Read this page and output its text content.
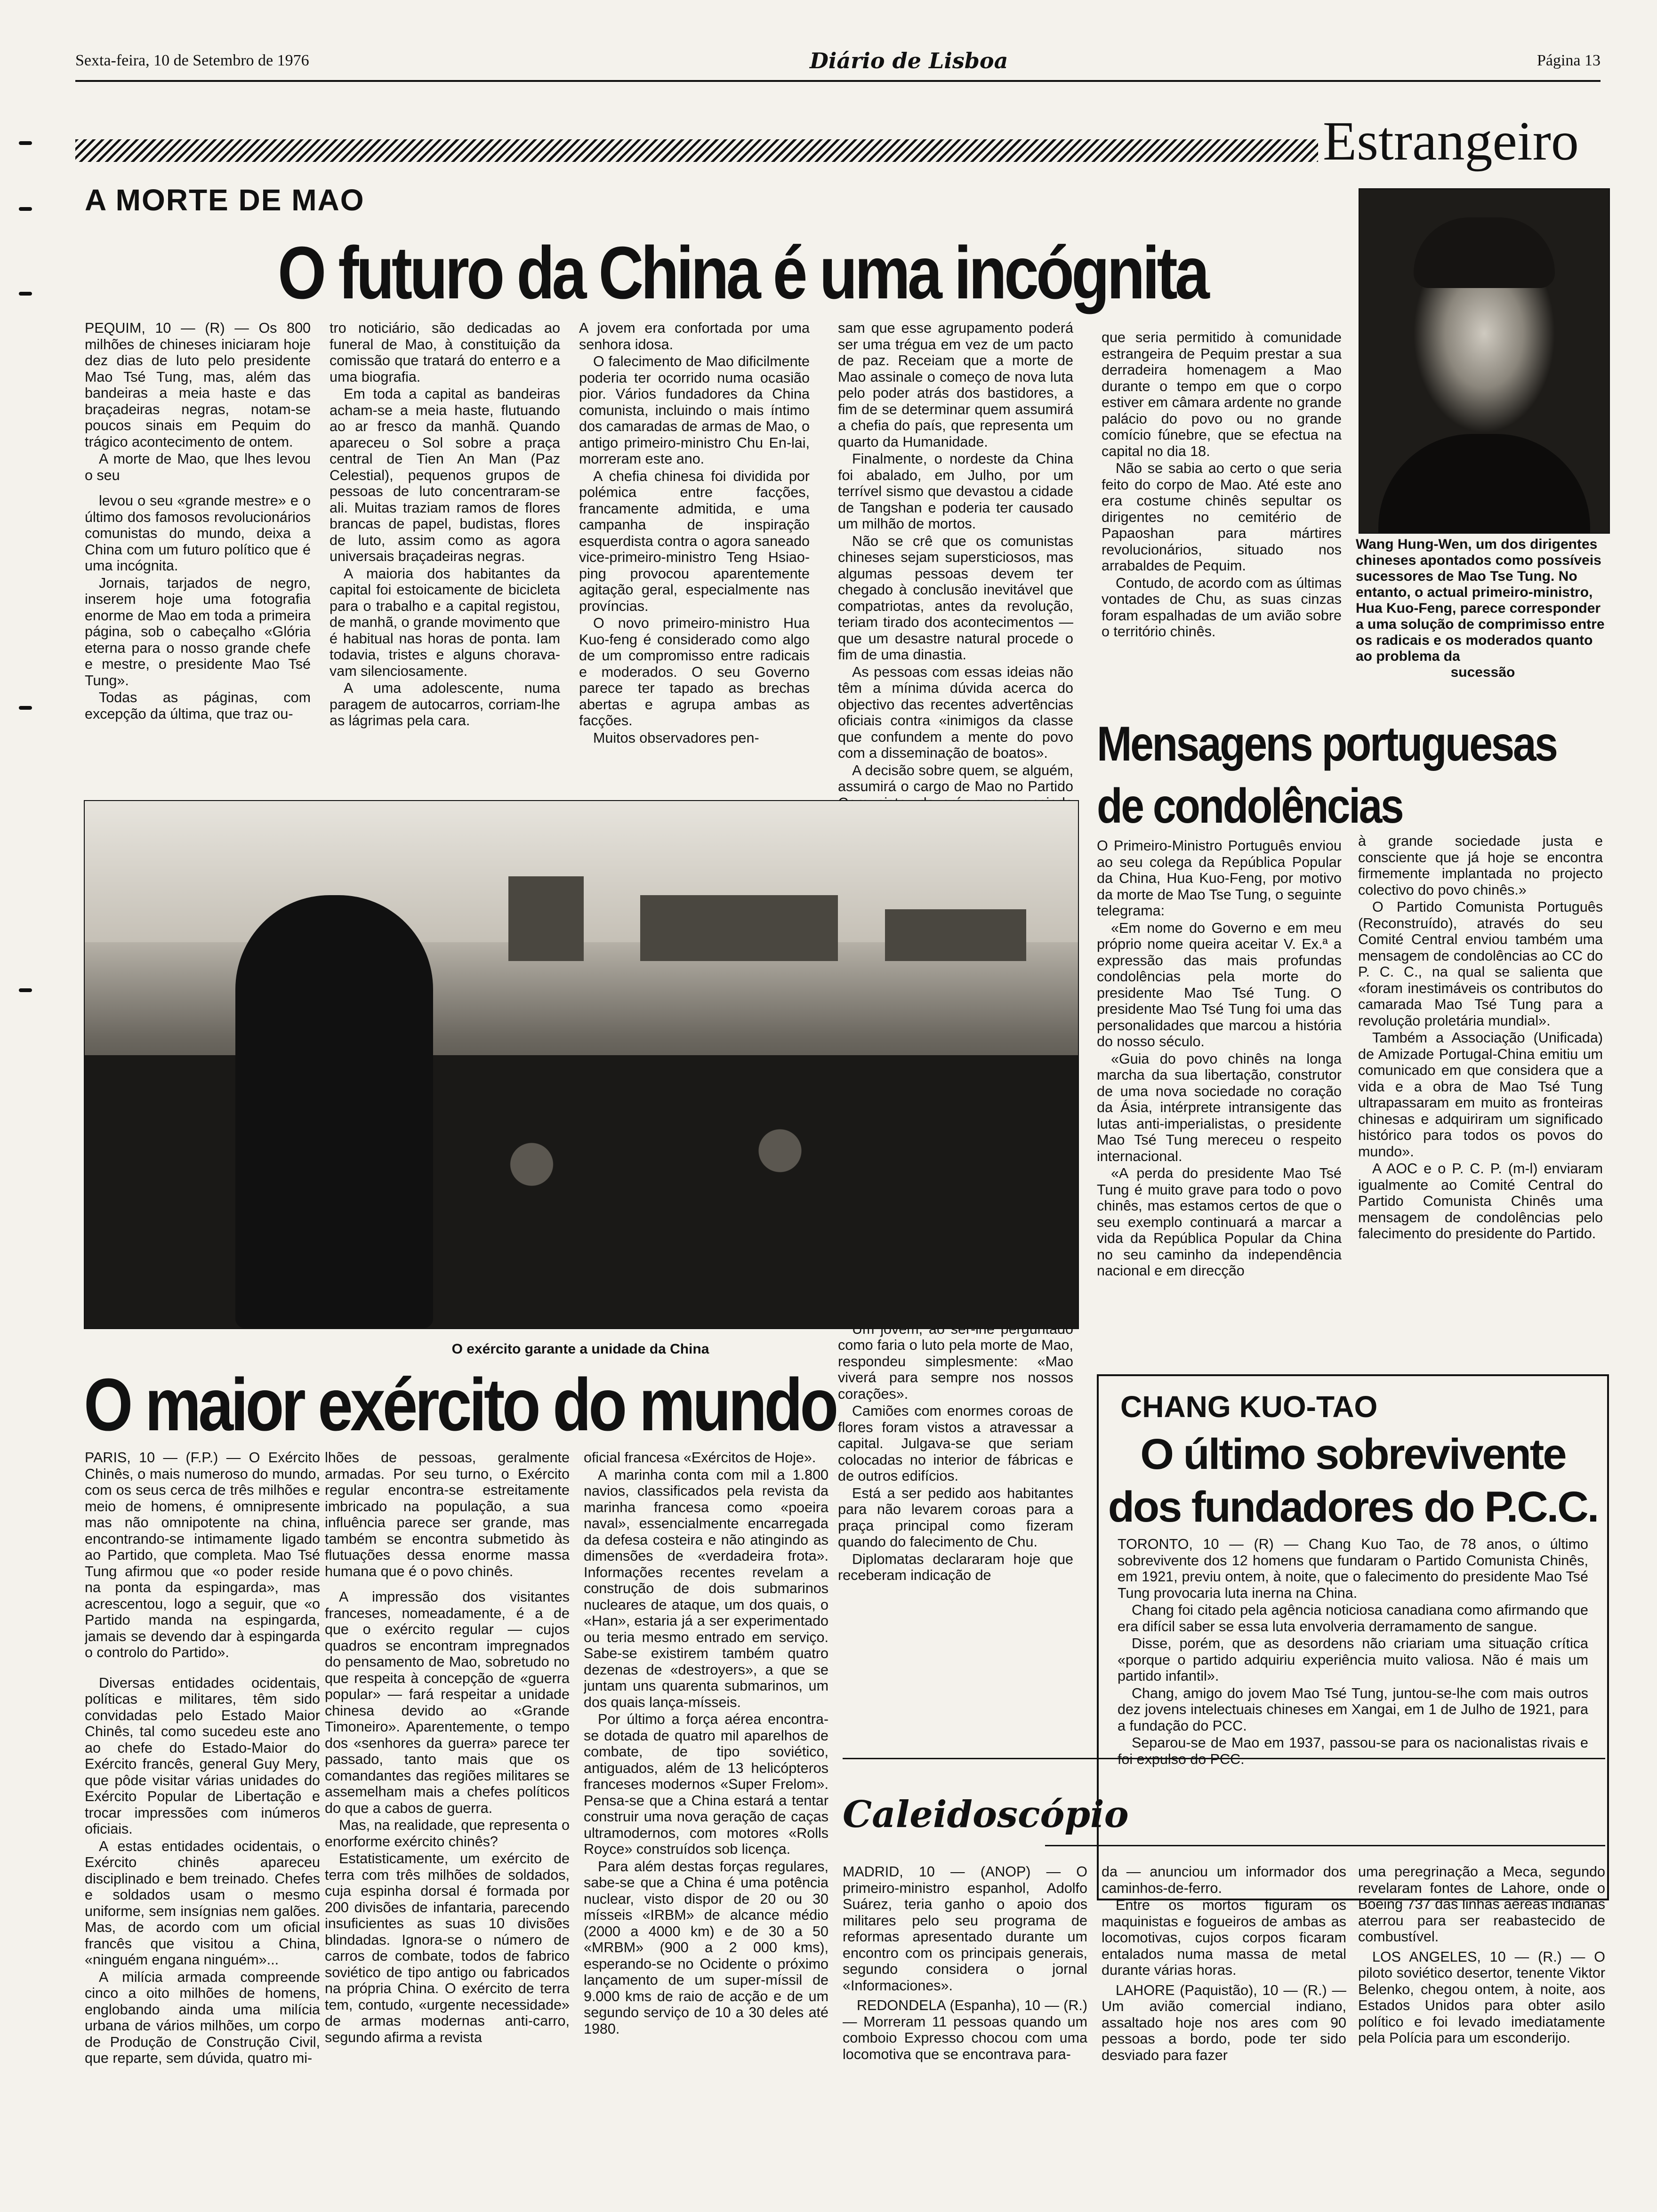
Sexta-feira, 10 de Setembro de 1976	Diário de Lisboa	Página 13
Estrangeiro
A MORTE DE MAO
O futuro da China é uma incógnita

PEQUIM, 10 — (R) — Os 800 milhões de chineses iniciaram hoje dez dias de luto pelo presidente Mao Tsé Tung, mas, além das bandeiras a meia haste e das braçadeiras negras, notam-se poucos sinais em Pequim do trágico acontecimento de ontem.

A morte de Mao, que lhes levou o seu

levou o seu «grande mestre» e o último dos famosos revolucionários comunistas do mundo, deixa a China com um futuro político que é uma incógnita.

Jornais, tarjados de negro, inserem hoje uma fotografia enorme de Mao em toda a primeira página, sob o cabeçalho «Glória eterna para o nosso grande chefe e mestre, o presidente Mao Tsé Tung».

Todas as páginas, com excepção da última, que traz ou-

tro noticiário, são dedicadas ao funeral de Mao, à constituição da comissão que tratará do enterro e a uma biografia.

Em toda a capital as bandeiras acham-se a meia haste, flutuando ao ar fresco da manhã. Quando apareceu o Sol sobre a praça central de Tien An Man (Paz Celestial), pequenos grupos de pessoas de luto concentraram-se ali. Muitas traziam ramos de flores brancas de papel, budistas, flores de luto, assim como as agora universais braçadeiras negras.

A maioria dos habitantes da capital foi estoicamente de bicicleta para o trabalho e a capital registou, de manhã, o grande movimento que é habitual nas horas de ponta. Iam todavia, tristes e alguns chorava-vam silenciosamente.

A uma adolescente, numa paragem de autocarros, corriam-lhe as lágrimas pela cara.

A jovem era confortada por uma senhora idosa.

O falecimento de Mao dificilmente poderia ter ocorrido numa ocasião pior. Vários fundadores da China comunista, incluindo o mais íntimo dos camaradas de armas de Mao, o antigo primeiro-ministro Chu En-lai, morreram este ano.

A chefia chinesa foi dividida por polémica entre facções, francamente admitida, e uma campanha de inspiração esquerdista contra o agora saneado vice-primeiro-ministro Teng Hsiao-ping provocou aparentemente agitação geral, especialmente nas províncias.

O novo primeiro-ministro Hua Kuo-feng é considerado como algo de um compromisso entre radicais e moderados. O seu Governo parece ter tapado as brechas abertas e agrupa ambas as facções.

Muitos observadores pen-

sam que esse agrupamento poderá ser uma trégua em vez de um pacto de paz. Receiam que a morte de Mao assinale o começo de nova luta pelo poder atrás dos bastidores, a fim de se determinar quem assumirá a chefia do país, que representa um quarto da Humanidade.

Finalmente, o nordeste da China foi abalado, em Julho, por um terrível sismo que devastou a cidade de Tangshan e poderia ter causado um milhão de mortos.

Não se crê que os comunistas chineses sejam supersticiosos, mas algumas pessoas devem ter chegado à conclusão inevitável que compatriotas, antes da revolução, teriam tirado dos acontecimentos — que um desastre natural procede o fim de uma dinastia.

As pessoas com essas ideias não têm a mínima dúvida acerca do objectivo das recentes advertências oficiais contra «inimigos da classe que confundem a mente do povo com a disseminação de boatos».

A decisão sobre quem, se alguém, assumirá o cargo de Mao no Partido

como faria o luto pela morte de Mao, respondeu simplesmente: «Mao viverá para sempre nos nossos corações».

Camiões com enormes coroas de flores foram vistos a atravessar a capital. Julgava-se que seriam colocadas no interior de fábricas e de outros edifícios.

Está a ser pedido aos habitantes para não levarem coroas para a praça principal como fizeram quando do falecimento de Chu.

Diplomatas declararam hoje que receberam indicação de

que seria permitido à comunidade estrangeira de Pequim prestar a sua derradeira homenagem a Mao durante o tempo em que o corpo estiver em câmara ardente no grande palácio do povo ou no grande comício fúnebre, que se efectua na capital no dia 18.

Não se sabia ao certo o que seria feito do corpo de Mao. Até este ano era costume chinês sepultar os dirigentes no cemitério de Papaoshan para mártires revolucionários, situado nos arrabaldes de Pequim.

Contudo, de acordo com as últimas vontades de Chu, as suas cinzas foram espalhadas de um avião sobre o território chinês.

Wang Hung-Wen, um dos dirigentes chineses apontados como possíveis sucessores de Mao Tse Tung. No entanto, o actual primeiro-ministro, Hua Kuo-Feng, parece corresponder a uma solução de comprimisso entre os radicais e os moderados quanto ao problema da
sucessão
O exército garante a unidade da China
O maior exército do mundo

PARIS, 10 — (F.P.) — O Exército Chinês, o mais numeroso do mundo, com os seus cerca de três milhões e meio de homens, é omnipresente mas não omnipotente na china, encontrando-se intimamente ligado ao Partido, que completa. Mao Tsé Tung afirmou que «o poder reside na ponta da espingarda», mas acrescentou, logo a seguir, que «o Partido manda na espingarda, jamais se devendo dar à espingarda o controlo do Partido».

Diversas entidades ocidentais, políticas e militares, têm sido convidadas pelo Estado Maior Chinês, tal como sucedeu este ano ao chefe do Estado-Maior do Exército francês, general Guy Mery, que pôde visitar várias unidades do Exército Popular de Libertação e trocar impressões com inúmeros oficiais.

A estas entidades ocidentais, o Exército chinês apareceu disciplinado e bem treinado. Chefes e soldados usam o mesmo uniforme, sem insígnias nem galões. Mas, de acordo com um oficial francês que visitou a China, «ninguém engana ninguém»...

A milícia armada compreende cinco a oito milhões de homens, englobando ainda uma milícia urbana de vários milhões, um corpo de Produção de Construção Civil, que reparte, sem dúvida, quatro mi-

lhões de pessoas, geralmente armadas. Por seu turno, o Exército regular encontra-se estreitamente imbricado na população, a sua influência parece ser grande, mas também se encontra submetido às flutuações dessa enorme massa humana que é o povo chinês.

A impressão dos visitantes franceses, nomeadamente, é a de que o exército regular — cujos quadros se encontram impregnados do pensamento de Mao, sobretudo no que respeita à concepção de «guerra popular» — fará respeitar a unidade chinesa devido ao «Grande Timoneiro». Aparentemente, o tempo dos «senhores da guerra» parece ter passado, tanto mais que os comandantes das regiões militares se assemelham mais a chefes políticos do que a cabos de guerra.

Mas, na realidade, que representa o enorforme exército chinês?

Estatisticamente, um exército de terra com três milhões de soldados, cuja espinha dorsal é formada por 200 divisões de infantaria, parecendo insuficientes as suas 10 divisões blindadas. Ignora-se o número de carros de combate, todos de fabrico soviético de tipo antigo ou fabricados na própria China. O exército de terra tem, contudo, «urgente necessidade» de armas modernas anti-carro, segundo afirma a revista

oficial francesa «Exércitos de Hoje».

A marinha conta com mil a 1.800 navios, classificados pela revista da marinha francesa como «poeira naval», essencialmente encarregada da defesa costeira e não atingindo as dimensões de «verdadeira frota». Informações recentes revelam a construção de dois submarinos nucleares de ataque, um dos quais, o «Han», estaria já a ser experimentado ou teria mesmo entrado em serviço. Sabe-se existirem também quatro dezenas de «destroyers», a que se juntam uns quarenta submarinos, um dos quais lança-mísseis.

Por último a força aérea encontra-se dotada de quatro mil aparelhos de combate, de tipo soviético, antiguados, além de 13 helicópteros franceses modernos «Super Frelom». Pensa-se que a China estará a tentar construir uma nova geração de caças ultramodernos, com motores «Rolls Royce» construídos sob licença.

Para além destas forças regulares, sabe-se que a China é uma potência nuclear, visto dispor de 20 ou 30 mísseis «IRBM» de alcance médio (2000 a 4000 km) e de 30 a 50 «MRBM» (900 a 2 000 kms), esperando-se no Ocidente o próximo lançamento de um super-míssil de 9.000 kms de raio de acção e de um segundo serviço de 10 a 30 deles até 1980.

Mensagens portuguesas
de condolências

O Primeiro-Ministro Português enviou ao seu colega da República Popular da China, Hua Kuo-Feng, por motivo da morte de Mao Tse Tung, o seguinte telegrama:

«Em nome do Governo e em meu próprio nome queira aceitar V. Ex.ª a expressão das mais profundas condolências pela morte do presidente Mao Tsé Tung. O presidente Mao Tsé Tung foi uma das personalidades que marcou a história do nosso século.

«Guia do povo chinês na longa marcha da sua libertação, construtor de uma nova sociedade no coração da Ásia, intérprete intransigente das lutas anti-imperialistas, o presidente Mao Tsé Tung mereceu o respeito internacional.

«A perda do presidente Mao Tsé Tung é muito grave para todo o povo chinês, mas estamos certos de que o seu exemplo continuará a marcar a vida da República Popular da China no seu caminho da independência nacional e em direcção

à grande sociedade justa e consciente que já hoje se encontra firmemente implantada no projecto colectivo do povo chinês.»

O Partido Comunista Português (Reconstruído), através do seu Comité Central enviou também uma mensagem de condolências ao CC do P. C. C., na qual se salienta que «foram inestimáveis os contributos do camarada Mao Tsé Tung para a revolução proletária mundial».

Também a Associação (Unificada) de Amizade Portugal-China emitiu um comunicado em que considera que a vida e a obra de Mao Tsé Tung ultrapassaram em muito as fronteiras chinesas e adquiriram um significado histórico para todos os povos do mundo».

A AOC e o P. C. P. (m-l) enviaram igualmente ao Comité Central do Partido Comunista Chinês uma mensagem de condolências pelo falecimento do presidente do Partido.

CHANG KUO-TAO
O último sobrevivente
dos fundadores do P.C.C.

TORONTO, 10 — (R) — Chang Kuo Tao, de 78 anos, o último sobrevivente dos 12 homens que fundaram o Partido Comunista Chinês, em 1921, previu ontem, à noite, que o falecimento do presidente Mao Tsé Tung provocaria luta inerna na China.

Chang foi citado pela agência noticiosa canadiana como afirmando que era difícil saber se essa luta envolveria derramamento de sangue.

Disse, porém, que as desordens não criariam uma situação crítica «porque o partido adquiriu experiência muito valiosa. Não é mais um partido infantil».

Chang, amigo do jovem Mao Tsé Tung, juntou-se-lhe com mais outros dez jovens intelectuais chineses em Xangai, em 1 de Julho de 1921, para a fundação do PCC.

Separou-se de Mao em 1937, passou-se para os nacionalistas rivais e foi expulso do PCC.

Caleidoscópio

MADRID, 10 — (ANOP) — O primeiro-ministro espanhol, Adolfo Suárez, teria ganho o apoio dos militares pelo seu programa de reformas apresentado durante um encontro com os principais generais, segundo considera o jornal «Informaciones».

REDONDELA (Espanha), 10 — (R.) — Morreram 11 pessoas quando um comboio Expresso chocou com uma locomotiva que se encontrava para-

da — anunciou um informador dos caminhos-de-ferro.

Entre os mortos figuram os maquinistas e fogueiros de ambas as locomotivas, cujos corpos ficaram entalados numa massa de metal durante várias horas.

LAHORE (Paquistão), 10 — (R.) — Um avião comercial indiano, assaltado hoje nos ares com 90 pessoas a bordo, pode ter sido desviado para fazer

uma peregrinação a Meca, segundo revelaram fontes de Lahore, onde o Boeing 737 das linhas aéreas indianas aterrou para ser reabastecido de combustível.

LOS ANGELES, 10 — (R.) — O piloto soviético desertor, tenente Viktor Belenko, chegou ontem, à noite, aos Estados Unidos para obter asilo político e foi levado imediatamente pela Polícia para um esconderijo.
